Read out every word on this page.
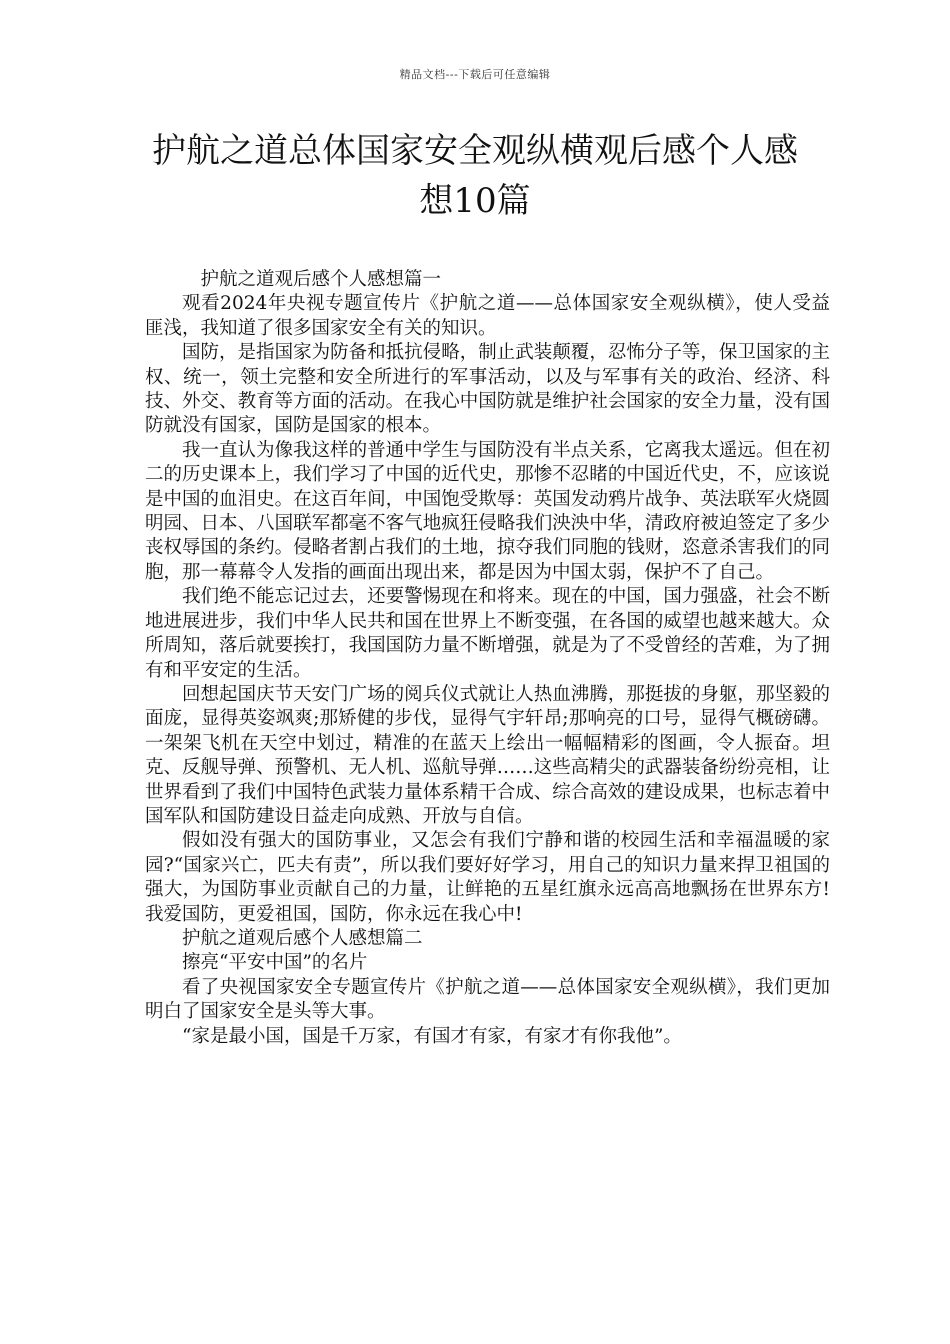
精品文档---下载后可任意编辑
护航之道总体国家安全观纵横观后感个人感想10篇

护航之道观后感个人感想篇一

观看2024年央视专题宣传片《护航之道——总体国家安全观纵横》，使人受益匪浅，我知道了很多国家安全有关的知识。

国防，是指国家为防备和抵抗侵略，制止武装颠覆，忍怖分子等，保卫国家的主权、统一，领土完整和安全所进行的军事活动，以及与军事有关的政治、经济、科技、外交、教育等方面的活动。在我心中国防就是维护社会国家的安全力量，没有国防就没有国家，国防是国家的根本。

我一直认为像我这样的普通中学生与国防没有半点关系，它离我太遥远。但在初二的历史课本上，我们学习了中国的近代史，那惨不忍睹的中国近代史，不，应该说是中国的血泪史。在这百年间，中国饱受欺辱：英国发动鸦片战争、英法联军火烧圆明园、日本、八国联军都毫不客气地疯狂侵略我们泱泱中华，清政府被迫签定了多少丧权辱国的条约。侵略者割占我们的土地，掠夺我们同胞的钱财，恣意杀害我们的同胞，那一幕幕令人发指的画面出现出来，都是因为中国太弱，保护不了自己。

我们绝不能忘记过去，还要警惕现在和将来。现在的中国，国力强盛，社会不断地进展进步，我们中华人民共和国在世界上不断变强，在各国的威望也越来越大。众所周知，落后就要挨打，我国国防力量不断增强，就是为了不受曾经的苦难，为了拥有和平安定的生活。

回想起国庆节天安门广场的阅兵仪式就让人热血沸腾，那挺拔的身躯，那坚毅的面庞，显得英姿飒爽;那矫健的步伐，显得气宇轩昂;那响亮的口号，显得气概磅礴。一架架飞机在天空中划过，精准的在蓝天上绘出一幅幅精彩的图画，令人振奋。坦克、反舰导弹、预警机、无人机、巡航导弹……这些高精尖的武器装备纷纷亮相，让世界看到了我们中国特色武装力量体系精干合成、综合高效的建设成果，也标志着中国军队和国防建设日益走向成熟、开放与自信。

假如没有强大的国防事业，又怎会有我们宁静和谐的校园生活和幸福温暖的家园?“国家兴亡，匹夫有责”，所以我们要好好学习，用自己的知识力量来捍卫祖国的强大，为国防事业贡献自己的力量，让鲜艳的五星红旗永远高高地飘扬在世界东方!我爱国防，更爱祖国，国防，你永远在我心中!

护航之道观后感个人感想篇二

擦亮“平安中国”的名片

看了央视国家安全专题宣传片《护航之道——总体国家安全观纵横》，我们更加明白了国家安全是头等大事。

“家是最小国，国是千万家，有国才有家，有家才有你我他”。
